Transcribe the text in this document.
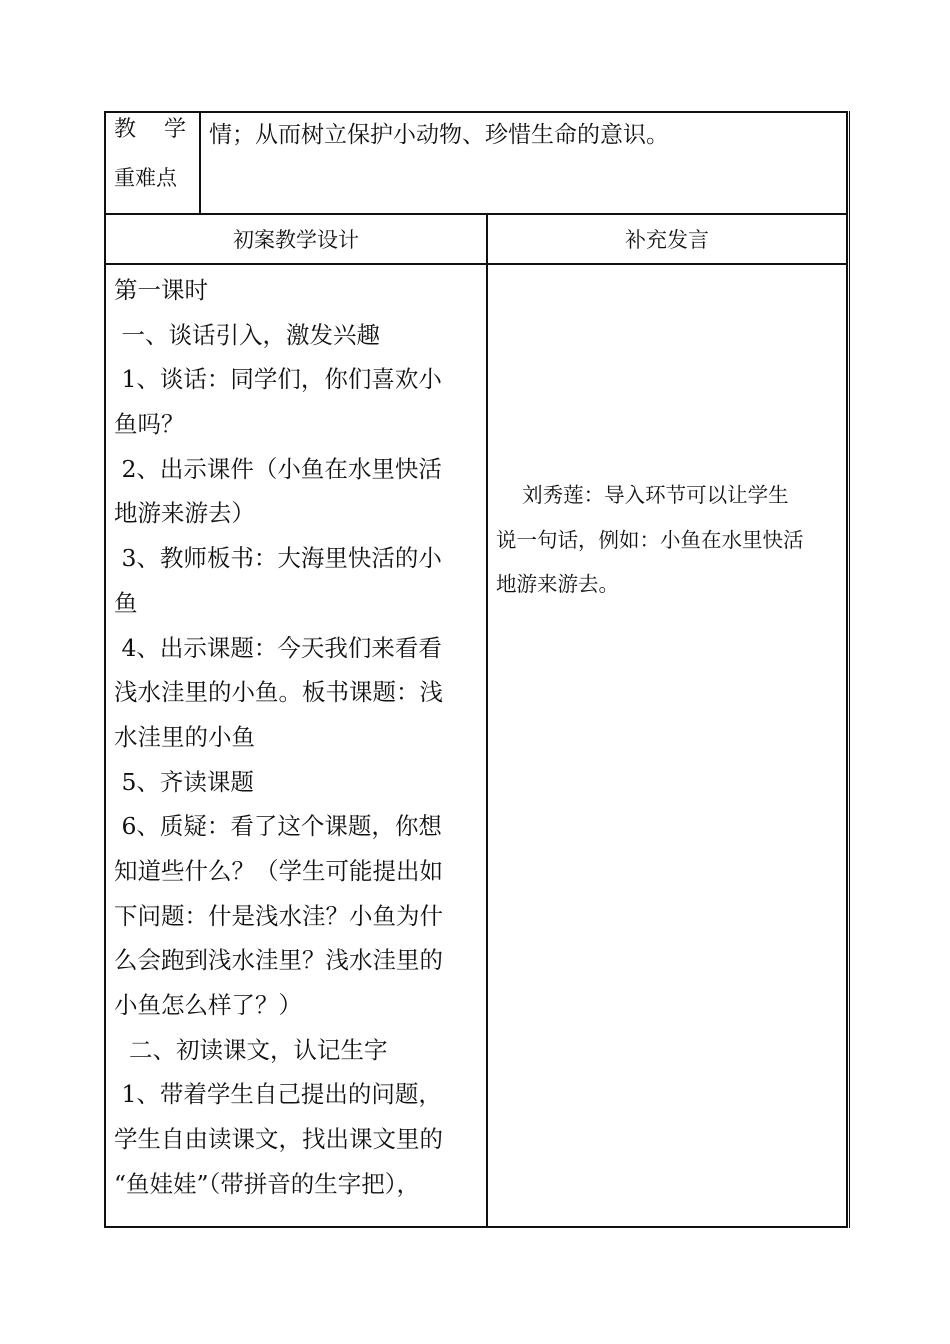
教 学
重难点
情；从而树立保护小动物、珍惜生命的意识。
初案教学设计	补充发言
第一课时
一、谈话引入，激发兴趣
1、谈话：同学们，你们喜欢小
鱼吗？
2、出示课件（小鱼在水里快活
地游来游去）
3、教师板书：大海里快活的小
鱼
4、出示课题：今天我们来看看
浅水洼里的小鱼。板书课题：浅
水洼里的小鱼
5、齐读课题
6、质疑：看了这个课题，你想
知道些什么？（学生可能提出如
下问题：什是浅水洼？小鱼为什
么会跑到浅水洼里？浅水洼里的
小鱼怎么样了？）
二、初读课文，认记生字
1、带着学生自己提出的问题，
学生自由读课文，找出课文里的
“鱼娃娃”（带拼音的生字把），
刘秀莲：导入环节可以让学生
说一句话，例如：小鱼在水里快活
地游来游去。
